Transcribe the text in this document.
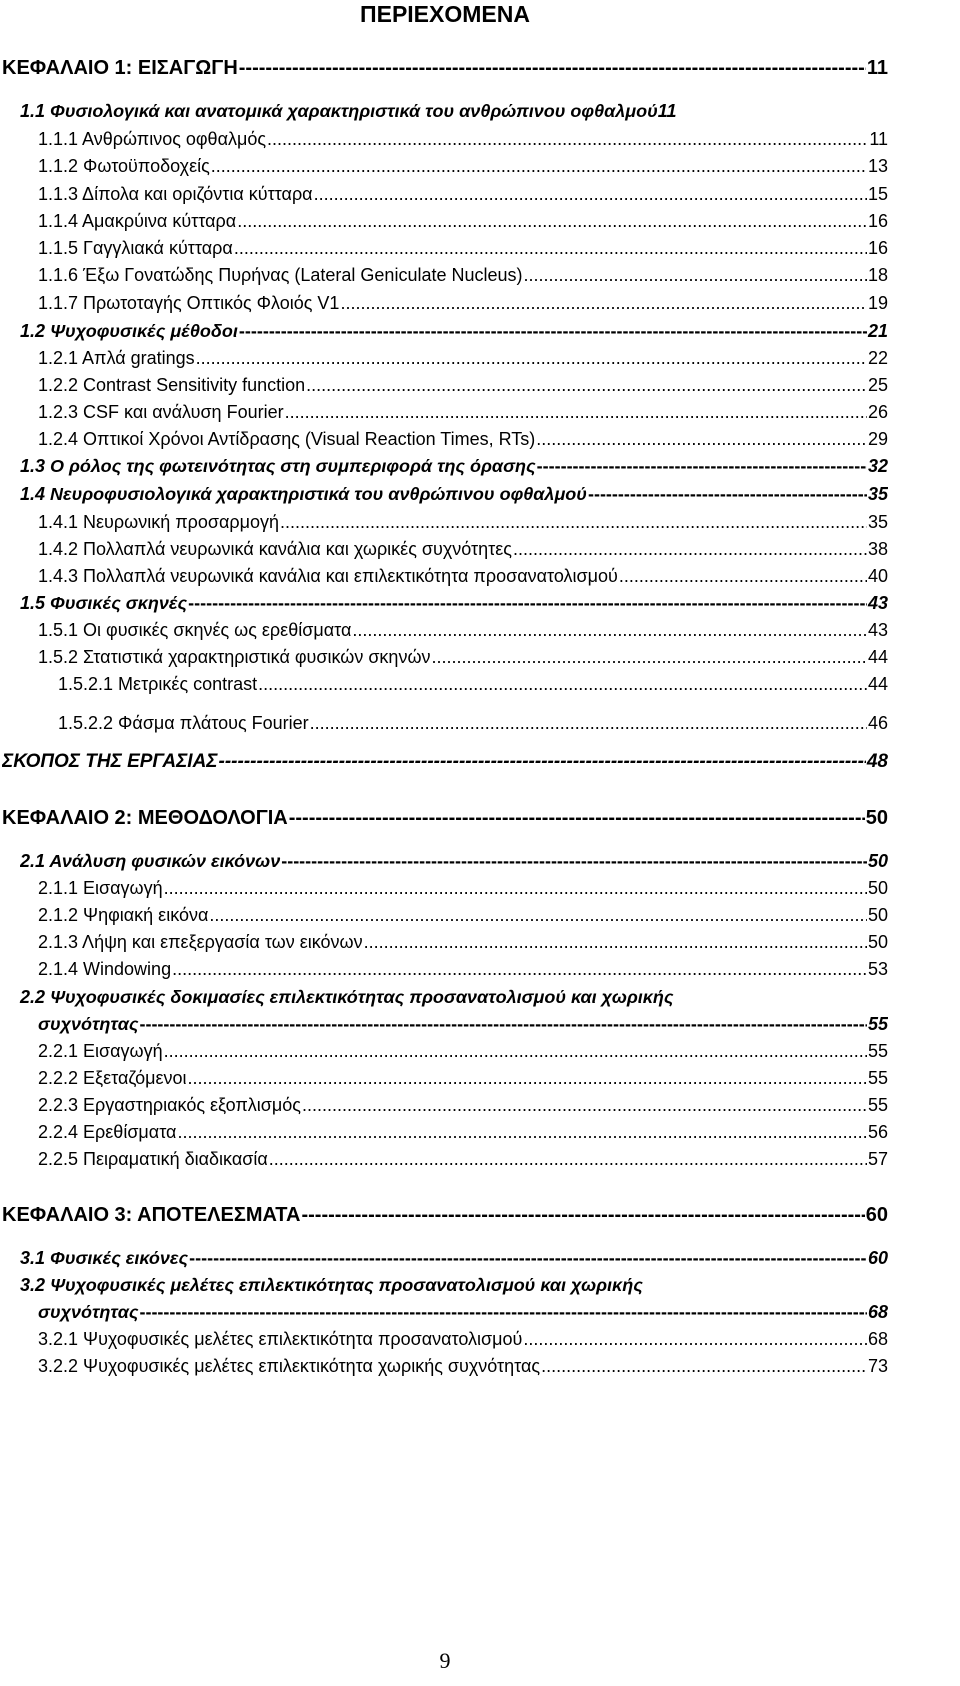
ΠΕΡΙΕΧΟΜΕΝΑ
ΚΕΦΑΛΑΙΟ 1: ΕΙΣΑΓΩΓΗ -----	11
1.1 Φυσιολογικά και ανατομικά χαρακτηριστικά του ανθρώπινου οφθαλμού 11
1.1.1 Ανθρώπινος οφθαλμός .....	11
1.1.2 Φωτοϋποδοχείς .....	13
1.1.3 Δίπολα και οριζόντια κύτταρα .....	15
1.1.4 Αμακρύινα κύτταρα .....	16
1.1.5 Γαγγλιακά κύτταρα .....	16
1.1.6 Έξω Γονατώδης Πυρήνας (Lateral Geniculate Nucleus) .....	18
1.1.7 Πρωτοταγής Οπτικός Φλοιός V1 .....	19
1.2 Ψυχοφυσικές μέθοδοι -----	21
1.2.1 Απλά gratings .....	22
1.2.2 Contrast Sensitivity function .....	25
1.2.3 CSF και ανάλυση Fourier .....	26
1.2.4 Οπτικοί Χρόνοι Αντίδρασης (Visual Reaction Times, RTs) .....	29
1.3 Ο ρόλος της φωτεινότητας στη συμπεριφορά της όρασης -----	32
1.4 Νευροφυσιολογικά χαρακτηριστικά του ανθρώπινου οφθαλμού -----	35
1.4.1 Νευρωνική προσαρμογή .....	35
1.4.2 Πολλαπλά νευρωνικά κανάλια και χωρικές συχνότητες .....	38
1.4.3 Πολλαπλά νευρωνικά κανάλια και επιλεκτικότητα προσανατολισμού .....	40
1.5 Φυσικές σκηνές -----	43
1.5.1 Οι φυσικές σκηνές ως ερεθίσματα .....	43
1.5.2 Στατιστικά χαρακτηριστικά φυσικών σκηνών .....	44
1.5.2.1 Μετρικές contrast .....	44
1.5.2.2 Φάσμα πλάτους Fourier .....	46
ΣΚΟΠΟΣ ΤΗΣ ΕΡΓΑΣΙΑΣ -----	48
ΚΕΦΑΛΑΙΟ 2: ΜΕΘΟΔΟΛΟΓΙΑ -----	50
2.1 Ανάλυση φυσικών εικόνων -----	50
2.1.1 Εισαγωγή .....	50
2.1.2 Ψηφιακή εικόνα .....	50
2.1.3 Λήψη και επεξεργασία των εικόνων .....	50
2.1.4 Windowing .....	53
2.2 Ψυχοφυσικές δοκιμασίες επιλεκτικότητας προσανατολισμού και χωρικής
συχνότητας -----	55
2.2.1 Εισαγωγή .....	55
2.2.2 Εξεταζόμενοι .....	55
2.2.3 Εργαστηριακός εξοπλισμός .....	55
2.2.4 Ερεθίσματα .....	56
2.2.5 Πειραματική διαδικασία .....	57
ΚΕΦΑΛΑΙΟ 3: ΑΠΟΤΕΛΕΣΜΑΤΑ -----	60
3.1 Φυσικές εικόνες -----	60
3.2 Ψυχοφυσικές μελέτες επιλεκτικότητας προσανατολισμού και χωρικής
συχνότητας -----	68
3.2.1 Ψυχοφυσικές μελέτες επιλεκτικότητα προσανατολισμού .....	68
3.2.2 Ψυχοφυσικές μελέτες επιλεκτικότητα χωρικής συχνότητας .....	73
9
